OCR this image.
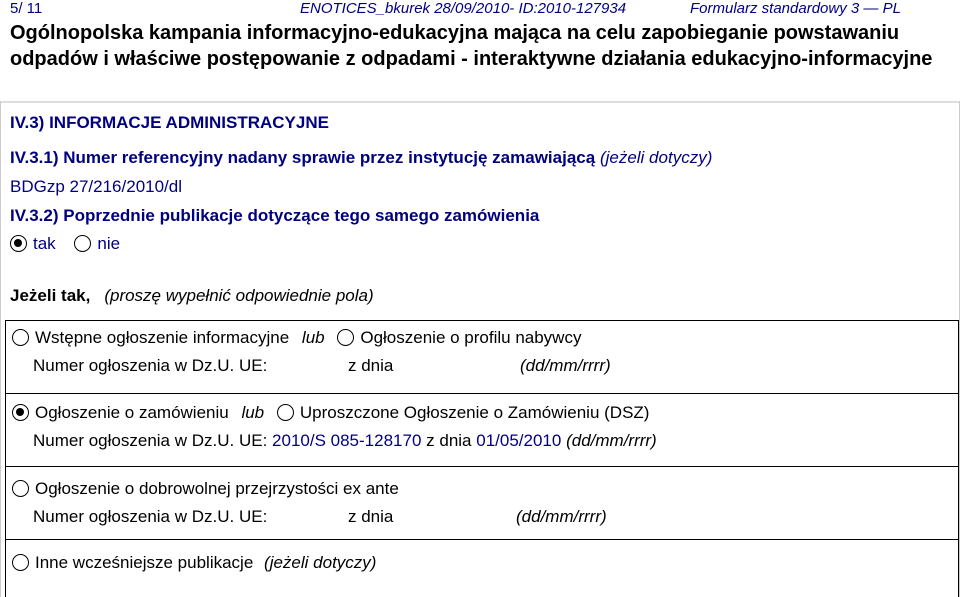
5/ 11	ENOTICES_bkurek 28/09/2010- ID:2010-127934	Formularz standardowy 3 — PL
Ogólnopolska kampania informacyjno-edukacyjna mająca na celu zapobieganie powstawaniu odpadów i właściwe postępowanie z odpadami - interaktywne działania edukacyjno-informacyjne
IV.3) INFORMACJE ADMINISTRACYJNE
IV.3.1) Numer referencyjny nadany sprawie przez instytucję zamawiającą (jeżeli dotyczy)
BDGzp 27/216/2010/dl
IV.3.2) Poprzednie publikacje dotyczące tego samego zamówienia
tak nie
Jeżeli tak, (proszę wypełnić odpowiednie pola)
Wstępne ogłoszenie informacyjne lub Ogłoszenie o profilu nabywcy
Numer ogłoszenia w Dz.U. UE:	z dnia	(dd/mm/rrrr)
Ogłoszenie o zamówieniu lub Uproszczone Ogłoszenie o Zamówieniu (DSZ)
Numer ogłoszenia w Dz.U. UE: 2010/S 085-128170 z dnia 01/05/2010 (dd/mm/rrrr)
Ogłoszenie o dobrowolnej przejrzystości ex ante
Numer ogłoszenia w Dz.U. UE:	z dnia	(dd/mm/rrrr)
Inne wcześniejsze publikacje (jeżeli dotyczy)
